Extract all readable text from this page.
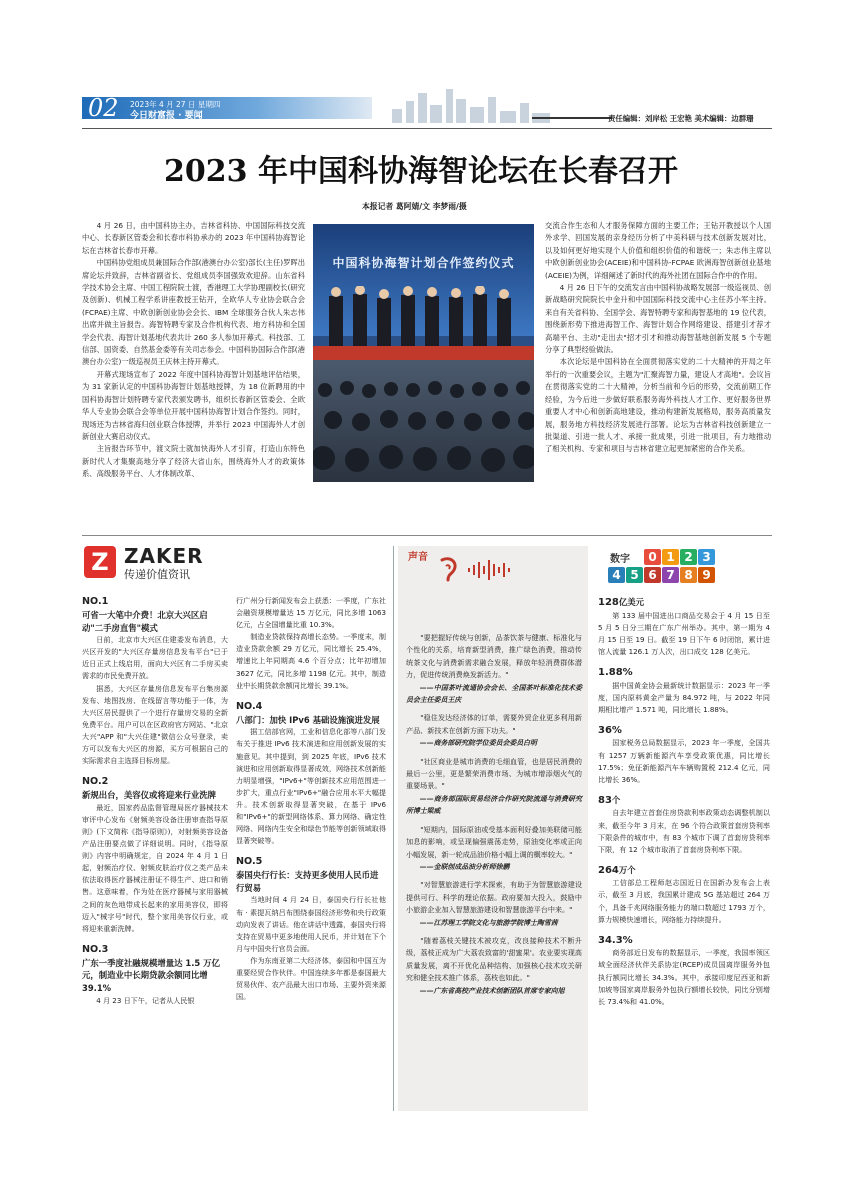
02 2023年 4 月 27 日 星期四
今日财富报 · 要闻	责任编辑：刘岸松 王宏艳 美术编辑：边群珊
2023 年中国科协海智论坛在长春召开
本报记者 葛阿婧/文 李梦雨/摄

4 月 26 日，由中国科协主办，吉林省科协、中国国际科技交流中心、长春新区管委会和长春市科协承办的 2023 年中国科协海智论坛在吉林省长春市开幕。

中国科协党组成员兼国际合作部(港澳台办公室)部长(主任)罗晖出席论坛并致辞，吉林省副省长、党组成员李国强致欢迎辞。山东省科学技术协会主席、中国工程院院士渡，香港理工大学协理副校长(研究及创新)、机械工程学系讲座教授王钻开，全欧华人专业协会联合会(FCPAE)主席、中欧创新创业协会会长、IBM 全球服务合伙人朱志伟出席并做主旨报告。海智特聘专家及合作机构代表、地方科协和全国学会代表、海智计划基地代表共计 260 多人参加开幕式。科技部、工信部、国资委、自然基金委等有关司志参会。中国科协国际合作部(港澳台办公室)一级巡视员王庆林主持开幕式。

开幕式现场宣布了 2022 年度中国科协海智计划基地评估结果，为 31 家新认定的中国科协海智计划基地授牌，为 18 位新聘用的中国科协海智计划特聘专家代表颁发聘书，组织长春新区管委会、全欧华人专业协会联合会等单位开展中国科协海智计划合作签约。同时，现场还为吉林省海归创业联合体授牌，并举行 2023 中国海外人才创新创业大赛启动仪式。

主旨报告环节中，渡文院士就加快海外人才引育，打造山东特色新时代人才集聚高地分享了经济大省山东，围绕海外人才的政策体系、高级服务平台、人才体制改革、

中国科协海智计划合作签约仪式

交流合作生态和人才服务保障方面的主要工作；王钻开教授以个人国外求学、回国发展的亲身经历分析了中美科研与技术创新发展对比，以及如何更好地实现个人价值和组织价值的和谐统一；朱志伟主席以中欧创新创业协会(ACEIE)和中国科协-FCPAE 欧洲海智创新创业基地(ACEIE)为例，详细阐述了新时代的海外社团在国际合作中的作用。

4 月 26 日下午的交流发言由中国科协战略发展部一级巡视员、创新战略研究院院长中金升和中国国际科技交流中心主任苏小军主持。来自有关省科协、全国学会、海智特聘专家和海智基地的 19 位代表，围绕新形势下推进海智工作、海智计划合作网络建设、搭建引才荐才高端平台、主动"走出去"招才引才和推动海智基地创新发展 5 个专题分享了典型经验做法。

本次论坛是中国科协在全面贯彻落实党的二十大精神的开局之年举行的一次重要会议，主题为"汇聚海智力量，建设人才高地"。会议旨在贯彻落实党的二十大精神，分析当前和今后的形势，交流前期工作经验，为今后进一步做好联系服务海外科技人才工作、更好服务世界重要人才中心和创新高地建设，推动构建新发展格局，服务高质量发展，服务地方科技经济发展进行部署。论坛为吉林省科技创新建立一批渠道、引进一批人才、承接一批成果，引进一批项目，有力地推动了相关机构、专家和项目与吉林省建立起更加紧密的合作关系。

Z ZAKER
传递价值资讯

NO.1

可省一大笔中介费！北京大兴区启动"二手房直售"模式

日前，北京市大兴区住建委发布消息，大兴区开发的"大兴区存量房信息发布平台"已于近日正式上线启用，面向大兴区有二手房买卖需求的市民免费开放。

据悉，大兴区存量房信息发布平台集房源发布、地图找房、在线留言等功能于一体，为大兴区居民提供了一个进行存量房交易的全新免费平台。用户可以在区政府官方网站、"北京大兴"APP 和"大兴住建"微信公众号登录，卖方可以发布大兴区的房源，买方可根据自己的实际需求自主选择目标房屋。

NO.2

新规出台，美容仪或将迎来行业洗牌

最近，国家药品监督管理局医疗器械技术审评中心发布《射频美容设备注册审查指导原则》(下文简称《指导原则》)，对射频美容设备产品注册要点做了详细说明。同时，《指导原则》内容中明确规定，自 2024 年 4 月 1 日起，射频治疗仪、射频皮肤治疗仪之类产品未依法取得医疗器械注册证不得生产、进口和销售。这意味着，作为处在医疗器械与家用器械之间的灰色地带成长起来的家用美容仪，即将迈入"械字号"时代，整个家用美容仪行业，或将迎来重新洗牌。

NO.3

广东一季度社融规模增量达 1.5 万亿元，制造业中长期贷款余额同比增 39.1%

4 月 23 日下午，记者从人民银

行广州分行新闻发布会上获悉：一季度，广东社会融资规模增量达 15 万亿元，同比多增 1063 亿元，占全国增量比重 10.3%。

制造业贷款保持高增长态势。一季度末，制造业贷款余额 29 万亿元，同比增长 25.4%，增速比上年同期高 4.6 个百分点；比年初增加 3627 亿元，同比多增 1198 亿元。其中，制造业中长期贷款余额同比增长 39.1%。

NO.4

八部门：加快 IPv6 基础设施演进发展

据工信部官网，工业和信息化部等八部门发布关于推进 IPv6 技术演进和应用创新发展的实施意见。其中提到，到 2025 年底，IPv6 技术演进和应用创新取得显著成效，网络技术创新能力明显增强，"IPv6+"等创新技术应用范围进一步扩大，重点行业"IPv6+"融合应用水平大幅提升。技术创新取得显著突破，在基于 IPv6 和"IPv6+"的新型网络体系、算力网络、确定性网络、网络内生安全和绿色节能等创新领域取得显著突破等。

NO.5

泰国央行行长：支持更多使用人民币进行贸易

当地时间 4 月 24 日，泰国央行行长社他布 · 素提瓦纳吕布围绕泰国经济形势和央行政策动向发表了讲话。他在讲话中透露，泰国央行将支持在贸易中更多地使用人民币，并计划在下个月与中国央行官员会面。

作为东南亚第二大经济体，泰国和中国互为重要经贸合作伙伴。中国连续多年都是泰国最大贸易伙伴、农产品最大出口市场、主要外资来源国。

声音

"要把握好传统与创新，品茶饮茶与健康、标准化与个性化的关系，培育新型消费，推广绿色消费，推动传统茶文化与消费新需求融合发展，释放年轻消费群体潜力，促进传统消费焕发新活力。"

——中国茶叶流通协会会长、全国茶叶标准化技术委员会主任委员王庆

"稳住发达经济体的订单，需要外贸企业更多利用新产品、新技术在创新方面下功夫。"

——商务部研究院学位委员会委员白明

"社区商业是城市消费的毛细血管，也是居民消费的最后一公里，更是繁荣消费市场、为城市增添烟火气的重要场景。"

——商务部国际贸易经济合作研究院流通与消费研究所博士梁威

"短期内，国际原油或受基本面利好叠加美联储可能加息的影响，或呈现偏强震荡走势，原油变化率或正向小幅发展，新一轮成品油价格小幅上调的概率较大。"

——金联创成品油分析师徐鹏

"对智慧旅游进行学术探索，有助于为智慧旅游建设提供可行、科学的理论依据。政府要加大投入，鼓励中小旅游企业加入智慧旅游建设和智慧旅游平台中来。"

——江苏理工学院文化与旅游学院博士陶雪茜

"随着荔枝关键技术被攻克，改良接种技术不断升级，荔枝正成为广大荔农致富的'甜蜜果'。农业要实现高质量发展，离不开优化品种结构、加强核心技术攻关研究和健全技术推广体系，荔枝也如此。"

——广东省高校产业技术创新团队首席专家向旭

数字	0 1 2 3
4 5 6 7 8 9

128亿美元

第 133 届中国进出口商品交易会于 4 月 15 日至 5 月 5 日分三期在广东广州举办。其中，第一期为 4 月 15 日至 19 日。截至 19 日下午 6 时闭馆，累计进馆人流量 126.1 万人次，出口成交 128 亿美元。

1.88%

据中国黄金协会最新统计数据显示：2023 年一季度，国内原料黄金产量为 84.972 吨，与 2022 年同期相比增产 1.571 吨，同比增长 1.88%。

36%

国家税务总局数据显示，2023 年一季度，全国共有 1257 万辆新能源汽车享受政策优惠，同比增长 17.5%；免征新能源汽车车辆购置税 212.4 亿元，同比增长 36%。

83个

自去年建立首套住房贷款利率政策动态调整机制以来，截至今年 3 月末，在 96 个符合政策首套房贷利率下限条件的城市中，有 83 个城市下调了首套房贷利率下限，有 12 个城市取消了首套房贷利率下限。

264万个

工信部总工程师赵志国近日在国新办发布会上表示，截至 3 月底，我国累计建成 5G 基站超过 264 万个，具备千兆网络服务能力的端口数超过 1793 万个，算力规模快速增长，网络能力持续提升。

34.3%

商务部近日发布的数据显示，一季度，我国率领区域全面经济伙伴关系协定(RCEP)成员国离岸服务外包执行额同比增长 34.3%。其中，承接印度尼西亚和新加坡等国家离岸服务外包执行额增长较快，同比分别增长 73.4%和 41.0%。
